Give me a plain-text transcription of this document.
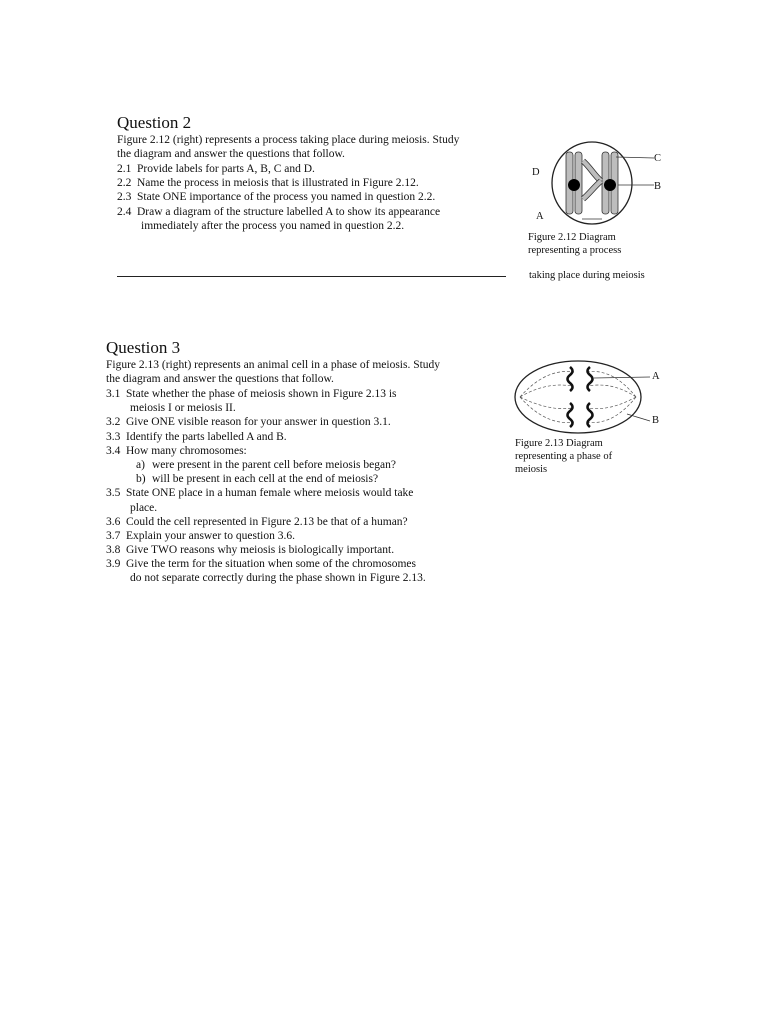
Question 2
Figure 2.12 (right) represents a process taking place during meiosis. Study
the diagram and answer the questions that follow.
2.1 Provide labels for parts A, B, C and D.
2.2 Name the process in meiosis that is illustrated in Figure 2.12.
2.3 State ONE importance of the process you named in question 2.2.
2.4 Draw a diagram of the structure labelled A to show its appearance
immediately after the process you named in question 2.2.
C
B
D
A
Figure 2.12 Diagram
representing a process
taking place during meiosis
Question 3
Figure 2.13 (right) represents an animal cell in a phase of meiosis. Study
the diagram and answer the questions that follow.
3.1 State whether the phase of meiosis shown in Figure 2.13 is
meiosis I or meiosis II.
3.2 Give ONE visible reason for your answer in question 3.1.
3.3 Identify the parts labelled A and B.
3.4 How many chromosomes:
a) were present in the parent cell before meiosis began?
b) will be present in each cell at the end of meiosis?
3.5 State ONE place in a human female where meiosis would take
place.
3.6 Could the cell represented in Figure 2.13 be that of a human?
3.7 Explain your answer to question 3.6.
3.8 Give TWO reasons why meiosis is biologically important.
3.9 Give the term for the situation when some of the chromosomes
do not separate correctly during the phase shown in Figure 2.13.
A
B
Figure 2.13 Diagram
representing a phase of
meiosis
